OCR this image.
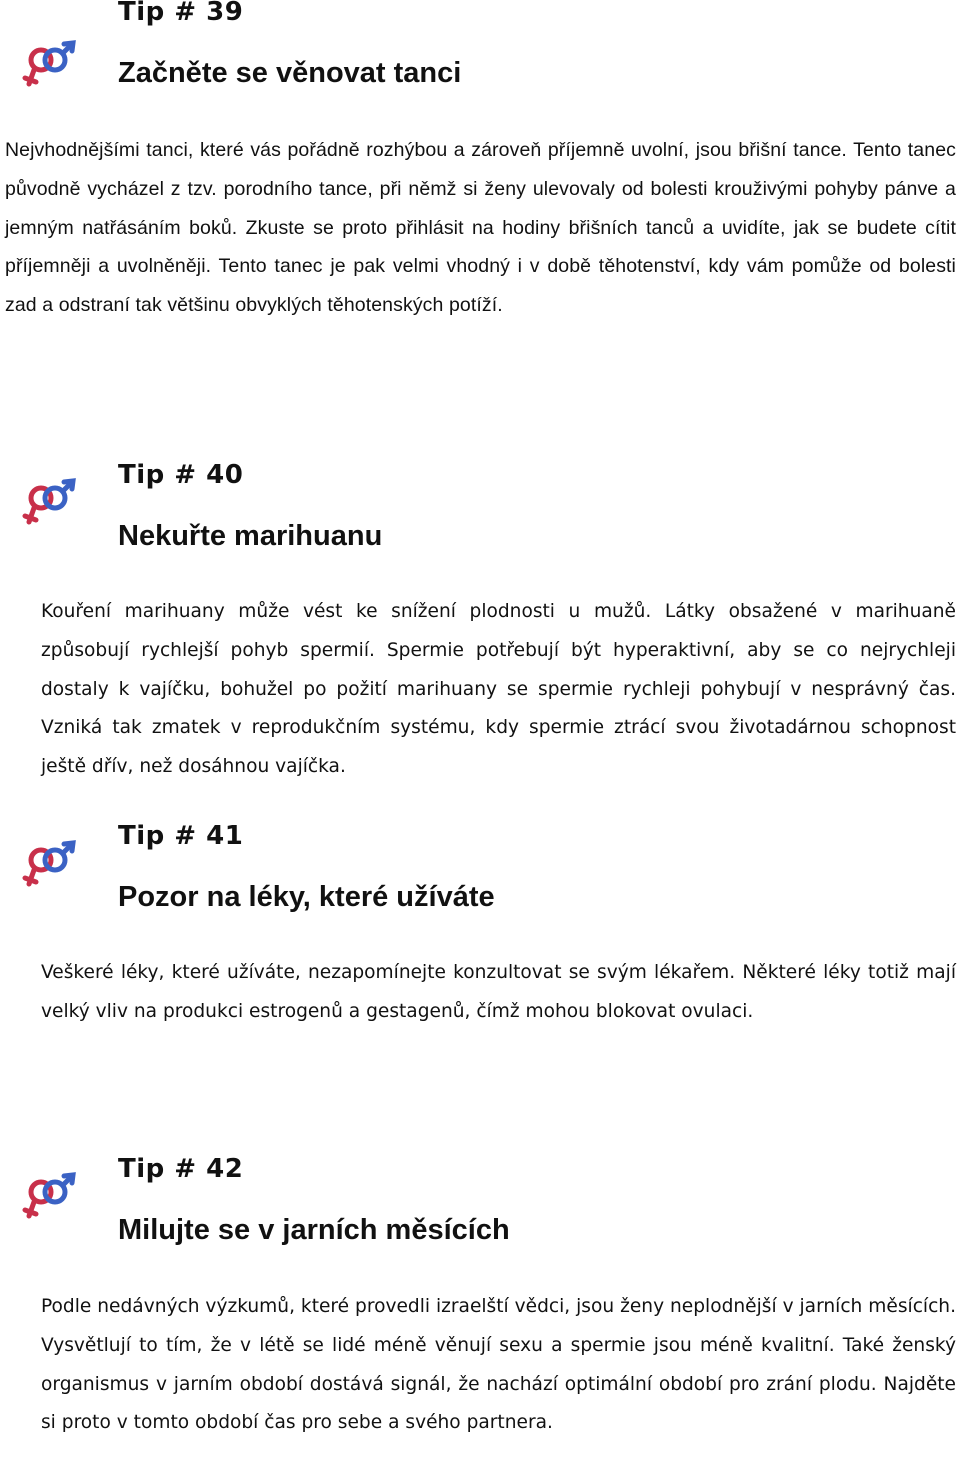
Tip # 39
Začněte se věnovat tanci

Nejvhodnějšími tanci, které vás pořádně rozhýbou a zároveň příjemně uvolní, jsou břišní tance. Tento tanec původně vycházel z tzv. porodního tance, při němž si ženy ulevovaly od bolesti krouživými pohyby pánve a jemným natřásáním boků. Zkuste se proto přihlásit na hodiny břišních tanců a uvidíte, jak se budete cítit příjemněji a uvolněněji. Tento tanec je pak velmi vhodný i v době těhotenství, kdy vám pomůže od bolesti zad a odstraní tak většinu obvyklých těhotenských potíží.

Tip # 40
Nekuřte marihuanu

Kouření marihuany může vést ke snížení plodnosti u mužů. Látky obsažené v marihuaně způsobují rychlejší pohyb spermií. Spermie potřebují být hyperaktivní, aby se co nejrychleji dostaly k vajíčku, bohužel po požití marihuany se spermie rychleji pohybují v nesprávný čas. Vzniká tak zmatek v reprodukčním systému, kdy spermie ztrácí svou životadárnou schopnost ještě dřív, než dosáhnou vajíčka.

Tip # 41
Pozor na léky, které užíváte

Veškeré léky, které užíváte, nezapomínejte konzultovat se svým lékařem. Některé léky totiž mají velký vliv na produkci estrogenů a gestagenů, čímž mohou blokovat ovulaci.

Tip # 42
Milujte se v jarních měsících

Podle nedávných výzkumů, které provedli izraelští vědci, jsou ženy neplodnější v jarních měsících. Vysvětlují to tím, že v létě se lidé méně věnují sexu a spermie jsou méně kvalitní. Také ženský organismus v jarním období dostává signál, že nachází optimální období pro zrání plodu. Najděte si proto v tomto období čas pro sebe a svého partnera.
